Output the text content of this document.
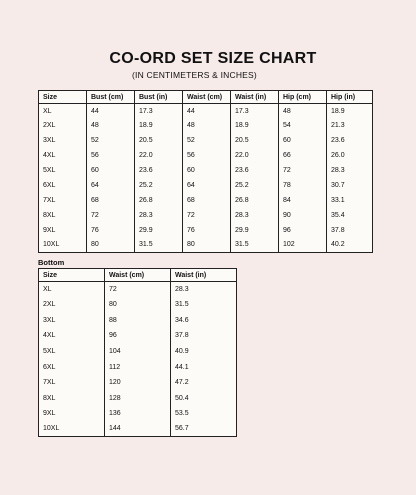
CO-ORD SET SIZE CHART
(IN CENTIMETERS & INCHES)
Size	Bust (cm)	Bust (in)	Waist (cm)	Waist (in)	Hip (cm)	Hip (in)
XL	44	17.3	44	17.3	48	18.9
2XL	48	18.9	48	18.9	54	21.3
3XL	52	20.5	52	20.5	60	23.6
4XL	56	22.0	56	22.0	66	26.0
5XL	60	23.6	60	23.6	72	28.3
6XL	64	25.2	64	25.2	78	30.7
7XL	68	26.8	68	26.8	84	33.1
8XL	72	28.3	72	28.3	90	35.4
9XL	76	29.9	76	29.9	96	37.8
10XL	80	31.5	80	31.5	102	40.2
Bottom
Size	Waist (cm)	Waist (in)
XL	72	28.3
2XL	80	31.5
3XL	88	34.6
4XL	96	37.8
5XL	104	40.9
6XL	112	44.1
7XL	120	47.2
8XL	128	50.4
9XL	136	53.5
10XL	144	56.7
